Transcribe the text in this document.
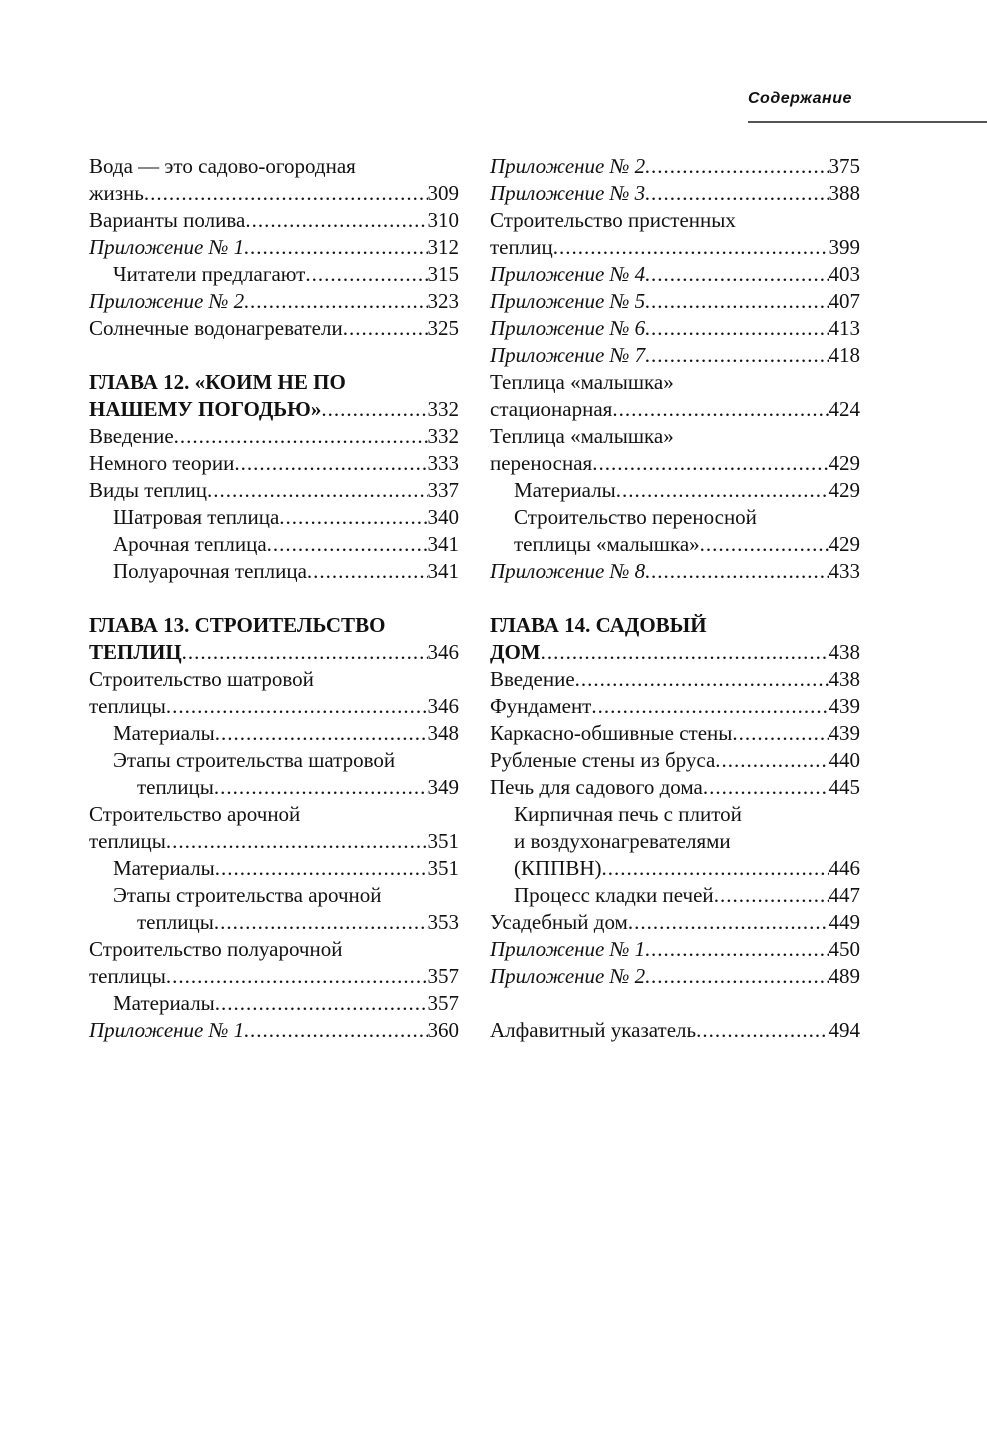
Содержание
Вода — это садово-огородная
жизнь .....	309
Варианты полива .....	310
Приложение № 1 .....	312
Читатели предлагают .....	315
Приложение № 2 .....	323
Солнечные водонагреватели .....	325
ГЛАВА 12. «КОИМ НЕ ПО
НАШЕМУ ПОГОДЬЮ» .....	332
Введение .....	332
Немного теории .....	333
Виды теплиц .....	337
Шатровая теплица .....	340
Арочная теплица .....	341
Полуарочная теплица .....	341
ГЛАВА 13. СТРОИТЕЛЬСТВО
ТЕПЛИЦ .....	346
Строительство шатровой
теплицы .....	346
Материалы .....	348
Этапы строительства шатровой
теплицы .....	349
Строительство арочной
теплицы .....	351
Материалы .....	351
Этапы строительства арочной
теплицы .....	353
Строительство полуарочной
теплицы .....	357
Материалы .....	357
Приложение № 1 .....	360
Приложение № 2 .....	375
Приложение № 3 .....	388
Строительство пристенных
теплиц .....	399
Приложение № 4 .....	403
Приложение № 5 .....	407
Приложение № 6 .....	413
Приложение № 7 .....	418
Теплица «малышка»
стационарная .....	424
Теплица «малышка»
переносная .....	429
Материалы .....	429
Строительство переносной
теплицы «малышка» .....	429
Приложение № 8 .....	433
ГЛАВА 14. САДОВЫЙ
ДОМ .....	438
Введение .....	438
Фундамент .....	439
Каркасно-обшивные стены .....	439
Рубленые стены из бруса .....	440
Печь для садового дома .....	445
Кирпичная печь с плитой
и воздухонагревателями
(КППВН) .....	446
Процесс кладки печей .....	447
Усадебный дом .....	449
Приложение № 1 .....	450
Приложение № 2 .....	489
Алфавитный указатель .....	494
